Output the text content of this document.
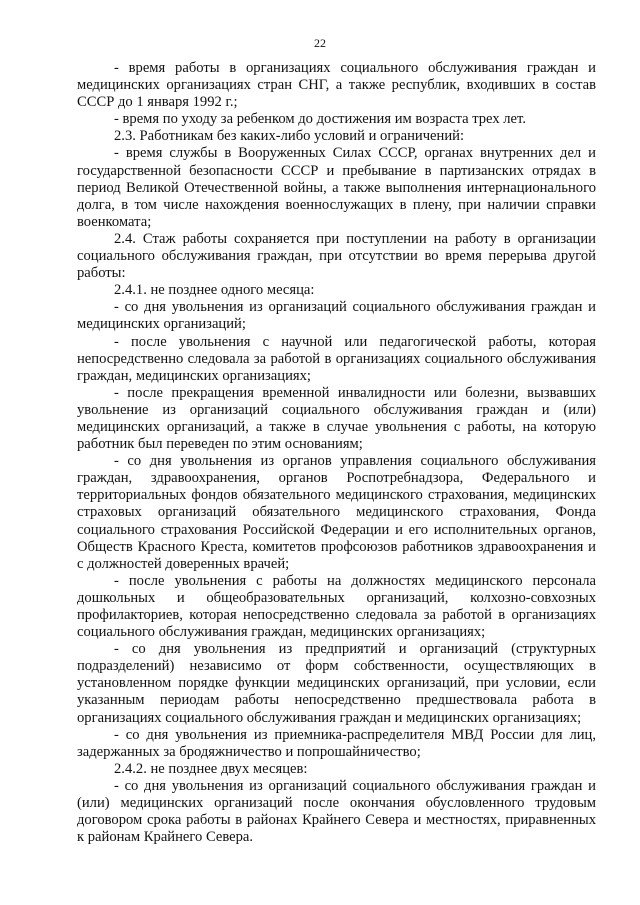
22

- время работы в организациях социального обслуживания граждан и медицинских организациях стран СНГ, а также республик, входивших в состав СССР до 1 января 1992 г.;

- время по уходу за ребенком до достижения им возраста трех лет.

2.3. Работникам без каких-либо условий и ограничений:

- время службы в Вооруженных Силах СССР, органах внутренних дел и государственной безопасности СССР и пребывание в партизанских отрядах в период Великой Отечественной войны, а также выполнения интернационального долга, в том числе нахождения военнослужащих в плену, при наличии справки военкомата;

2.4. Стаж работы сохраняется при поступлении на работу в организации социального обслуживания граждан, при отсутствии во время перерыва другой работы:

2.4.1. не позднее одного месяца:

- со дня увольнения из организаций социального обслуживания граждан и медицинских организаций;

- после увольнения с научной или педагогической работы, которая непосредственно следовала за работой в организациях социального обслуживания граждан, медицинских организациях;

- после прекращения временной инвалидности или болезни, вызвавших увольнение из организаций социального обслуживания граждан и (или) медицинских организаций, а также в случае увольнения с работы, на которую работник был переведен по этим основаниям;

- со дня увольнения из органов управления социального обслуживания граждан, здравоохранения, органов Роспотребнадзора, Федерального и территориальных фондов обязательного медицинского страхования, медицинских страховых организаций обязательного медицинского страхования, Фонда социального страхования Российской Федерации и его исполнительных органов, Обществ Красного Креста, комитетов профсоюзов работников здравоохранения и с должностей доверенных врачей;

- после увольнения с работы на должностях медицинского персонала дошкольных и общеобразовательных организаций, колхозно-совхозных профилакториев, которая непосредственно следовала за работой в организациях социального обслуживания граждан, медицинских организациях;

- со дня увольнения из предприятий и организаций (структурных подразделений) независимо от форм собственности, осуществляющих в установленном порядке функции медицинских организаций, при условии, если указанным периодам работы непосредственно предшествовала работа в организациях социального обслуживания граждан и медицинских организациях;

- со дня увольнения из приемника-распределителя МВД России для лиц, задержанных за бродяжничество и попрошайничество;

2.4.2. не позднее двух месяцев:

- со дня увольнения из организаций социального обслуживания граждан и (или) медицинских организаций после окончания обусловленного трудовым договором срока работы в районах Крайнего Севера и местностях, приравненных к районам Крайнего Севера.
